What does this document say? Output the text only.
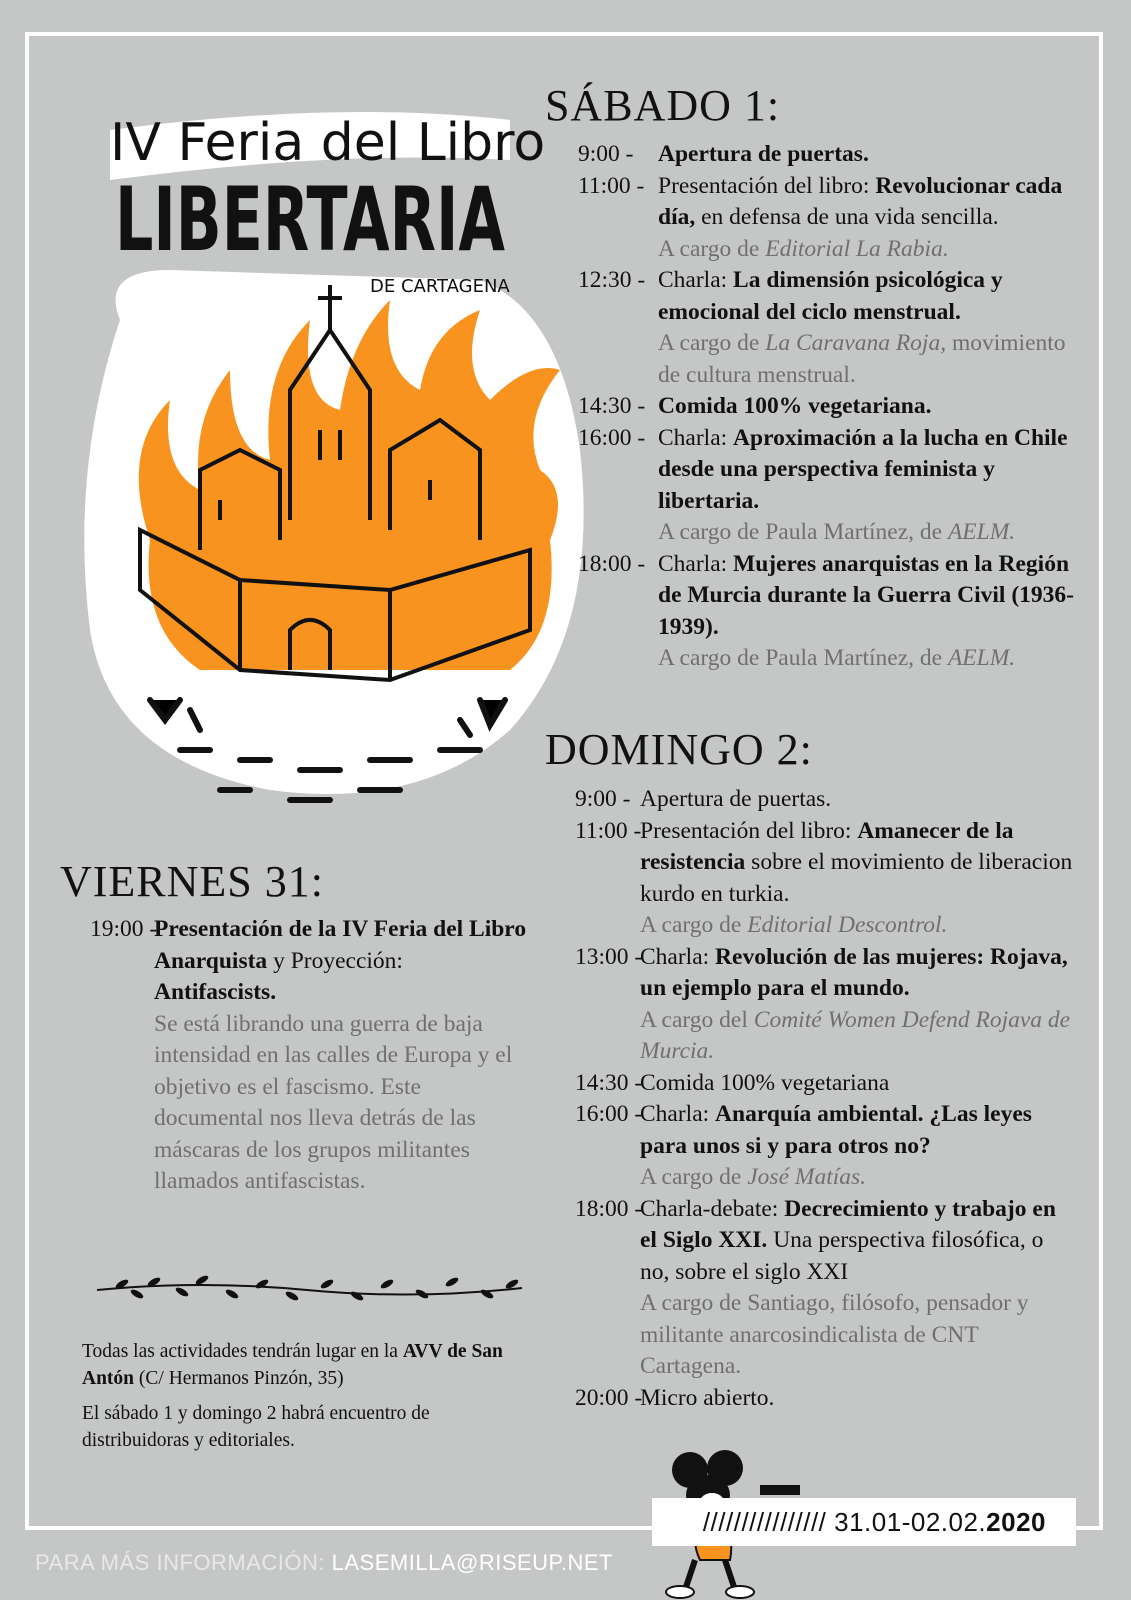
IV Feria del Libro
LIBERTARIA
DE CARTAGENA
SÁBADO 1:
9:00 - Apertura de puertas.
11:00 - Presentación del libro: Revolucionar cada día, en defensa de una vida sencilla.
A cargo de Editorial La Rabia.
12:30 - Charla: La dimensión psicológica y emocional del ciclo menstrual.
A cargo de La Caravana Roja, movimiento de cultura menstrual.
14:30 - Comida 100% vegetariana.
16:00 - Charla: Aproximación a la lucha en Chile desde una perspectiva feminista y libertaria.
A cargo de Paula Martínez, de AELM.
18:00 - Charla: Mujeres anarquistas en la Región de Murcia durante la Guerra Civil (1936-1939).
A cargo de Paula Martínez, de AELM.
DOMINGO 2:
9:00 - Apertura de puertas.
11:00 -
Presentación del libro: Amanecer de la resistencia sobre el movimiento de liberacion kurdo en turkia.
A cargo de Editorial Descontrol.
13:00 -
Charla: Revolución de las mujeres: Rojava, un ejemplo para el mundo.
A cargo del Comité Women Defend Rojava de Murcia.
14:30 -
Comida 100% vegetariana
16:00 -
Charla: Anarquía ambiental. ¿Las leyes para unos si y para otros no?
A cargo de José Matías.
18:00 -
Charla-debate: Decrecimiento y trabajo en el Siglo XXI. Una perspectiva filosófica, o no, sobre el siglo XXI
A cargo de Santiago, filósofo, pensador y militante anarcosindicalista de CNT Cartagena.
20:00 -
Micro abierto.
VIERNES 31:
19:00 -
Presentación de la IV Feria del Libro Anarquista y Proyección: Antifascists.
Se está librando una guerra de baja intensidad en las calles de Europa y el objetivo es el fascismo. Este documental nos lleva detrás de las máscaras de los grupos militantes llamados antifascistas.
Todas las actividades tendrán lugar en la AVV de San Antón (C/ Hermanos Pinzón, 35)
El sábado 1 y domingo 2 habrá encuentro de distribuidoras y editoriales.
//////////////// 31.01-02.02.2020
PARA MÁS INFORMACIÓN: LASEMILLA@RISEUP.NET
